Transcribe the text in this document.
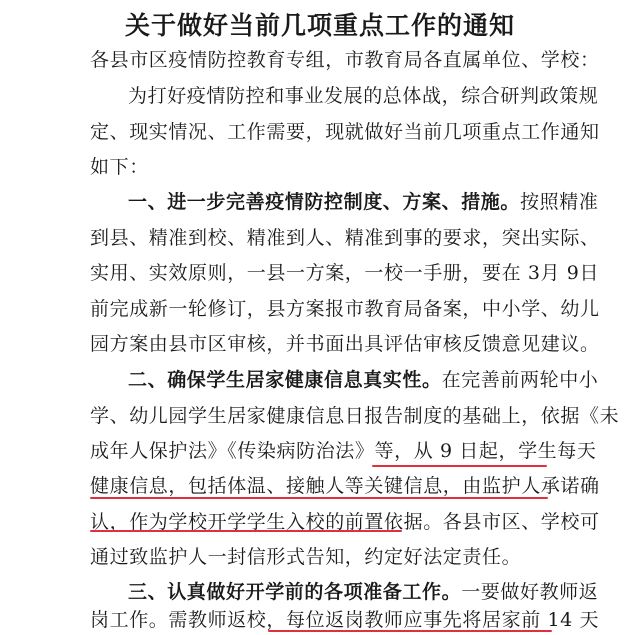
关于做好当前几项重点工作的通知
各县市区疫情防控教育专组，市教育局各直属单位、学校：
为打好疫情防控和事业发展的总体战，综合研判政策规
定、现实情况、工作需要，现就做好当前几项重点工作通知
如下：
一、进一步完善疫情防控制度、方案、措施。按照精准
到县、精准到校、精准到人、精准到事的要求，突出实际、
实用、实效原则，一县一方案，一校一手册，要在 3月 9日
前完成新一轮修订，县方案报市教育局备案，中小学、幼儿
园方案由县市区审核，并书面出具评估审核反馈意见建议。
二、确保学生居家健康信息真实性。在完善前两轮中小
学、幼儿园学生居家健康信息日报告制度的基础上，依据《未
成年人保护法》《传染病防治法》等，从 9 日起，学生每天
健康信息，包括体温、接触人等关键信息，由监护人承诺确
认，作为学校开学学生入校的前置依据。各县市区、学校可
通过致监护人一封信形式告知，约定好法定责任。
三、认真做好开学前的各项准备工作。一要做好教师返
岗工作。需教师返校，每位返岗教师应事先将居家前 14 天
